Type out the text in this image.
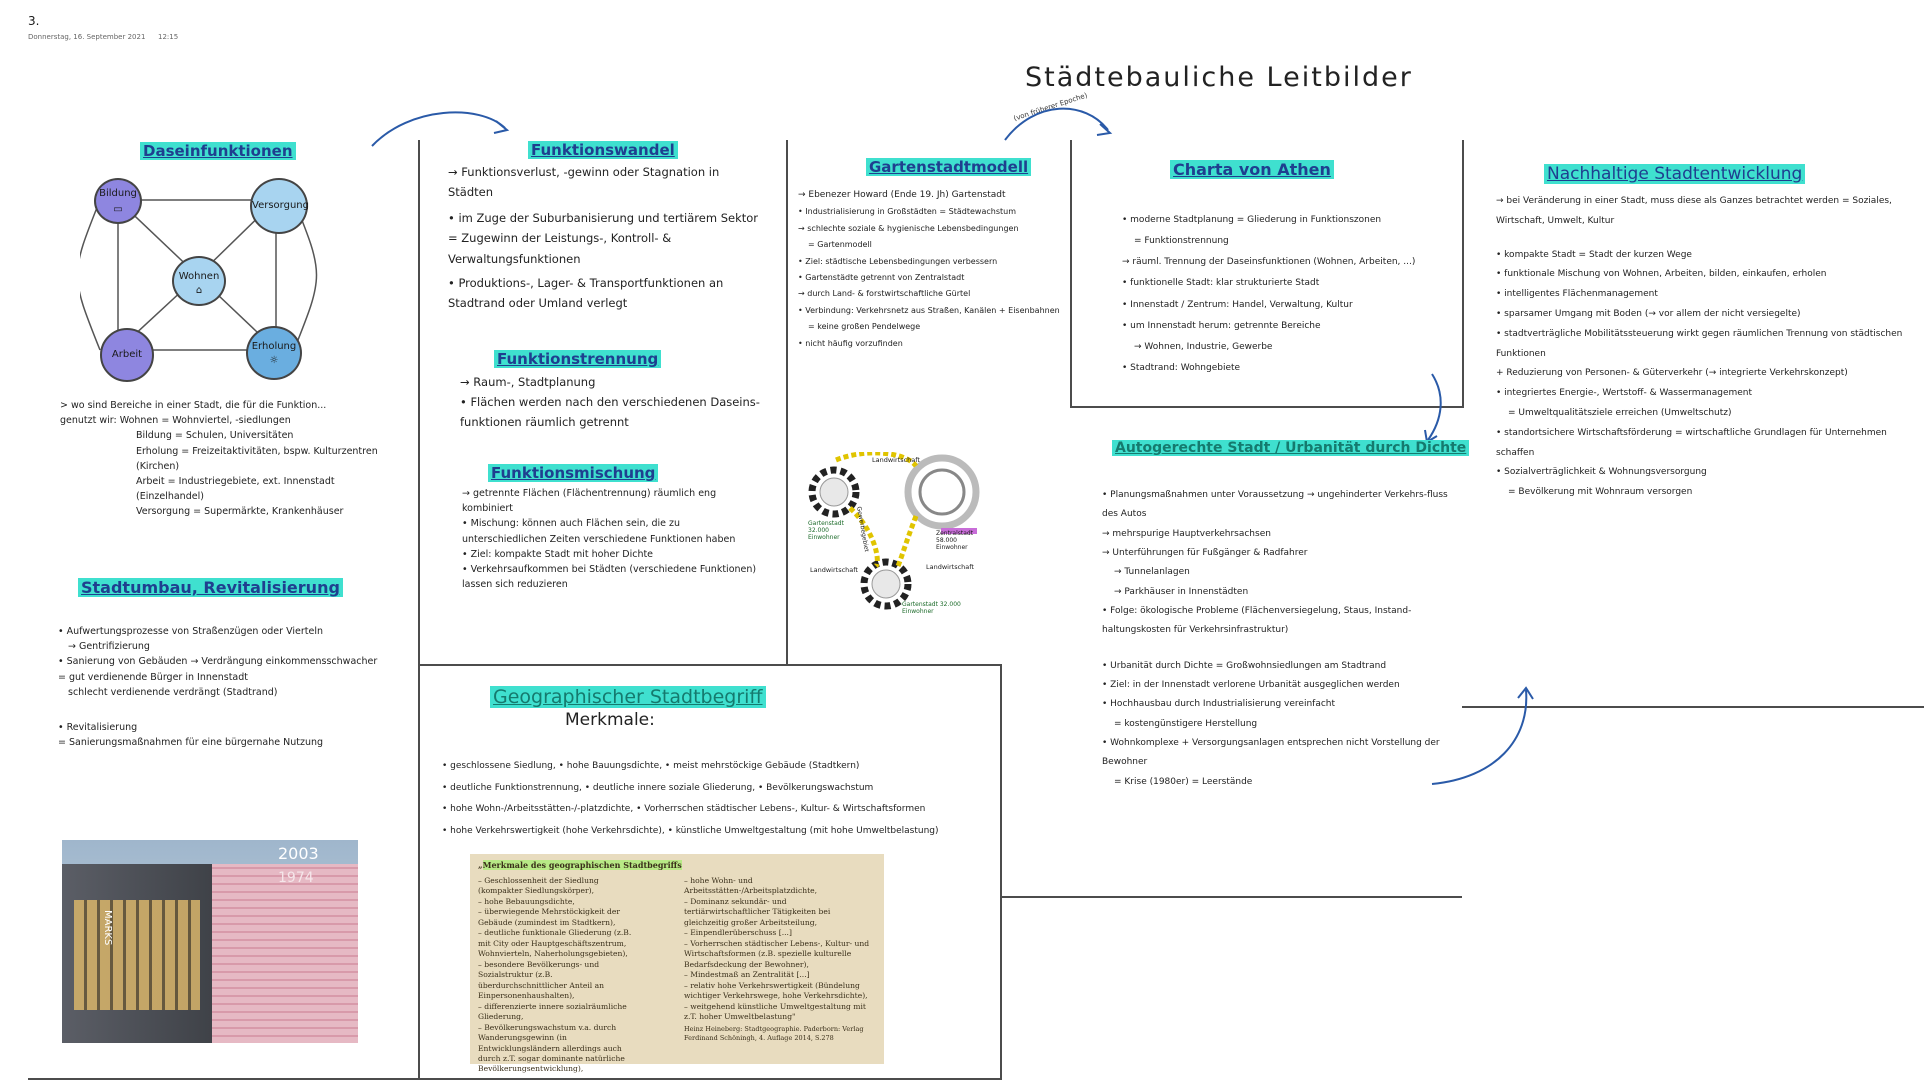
3.
Donnerstag, 16. September 2021 12:15
Städtebauliche Leitbilder
(von früherer Epoche)
Daseinfunktionen
Bildung
▭	Versorgung
Wohnen
⌂
Arbeit
Erholung
☼

> wo sind Bereiche in einer Stadt, die für die Funktion...

genutzt wir: Wohnen = Wohnviertel, -siedlungen

Bildung = Schulen, Universitäten

Erholung = Freizeitaktivitäten, bspw. Kulturzentren (Kirchen)

Arbeit = Industriegebiete, ext. Innenstadt (Einzelhandel)

Versorgung = Supermärkte, Krankenhäuser

Stadtumbau, Revitalisierung

• Aufwertungsprozesse von Straßenzügen oder Vierteln

→ Gentrifizierung

• Sanierung von Gebäuden → Verdrängung einkommensschwacher

= gut verdienende Bürger in Innenstadt

schlecht verdienende verdrängt (Stadtrand)

• Revitalisierung

= Sanierungsmaßnahmen für eine bürgernahe Nutzung

MARKS
2003
1974
Funktionswandel

→ Funktionsverlust, -gewinn oder Stagnation in Städten

• im Zuge der Suburbanisierung und tertiärem Sektor = Zugewinn der Leistungs-, Kontroll- & Verwaltungsfunktionen

• Produktions-, Lager- & Transportfunktionen an Stadtrand oder Umland verlegt

Funktionstrennung

→ Raum-, Stadtplanung

• Flächen werden nach den verschiedenen Daseins-funktionen räumlich getrennt

Funktionsmischung

→ getrennte Flächen (Flächentrennung) räumlich eng kombiniert

• Mischung: können auch Flächen sein, die zu unterschiedlichen Zeiten verschiedene Funktionen haben

• Ziel: kompakte Stadt mit hoher Dichte

• Verkehrsaufkommen bei Städten (verschiedene Funktionen) lassen sich reduzieren

Gartenstadtmodell

→ Ebenezer Howard (Ende 19. Jh) Gartenstadt

• Industrialisierung in Großstädten = Städtewachstum

→ schlechte soziale & hygienische Lebensbedingungen

= Gartenmodell

• Ziel: städtische Lebensbedingungen verbessern

• Gartenstädte getrennt von Zentralstadt

→ durch Land- & forstwirtschaftliche Gürtel

• Verbindung: Verkehrsnetz aus Straßen, Kanälen + Eisenbahnen

= keine großen Pendelwege

• nicht häufig vorzufinden

Landwirtschaft
Gartenstadt 32.000 Einwohner	Gewerbegebiet	Zentralstadt 58.000 Einwohner
Landwirtschaft	Landwirtschaft
Gartenstadt 32.000 Einwohner
Charta von Athen

• moderne Stadtplanung = Gliederung in Funktionszonen

= Funktionstrennung

→ räuml. Trennung der Daseinsfunktionen (Wohnen, Arbeiten, ...)

• funktionelle Stadt: klar strukturierte Stadt

• Innenstadt / Zentrum: Handel, Verwaltung, Kultur

• um Innenstadt herum: getrennte Bereiche

→ Wohnen, Industrie, Gewerbe

• Stadtrand: Wohngebiete

Autogerechte Stadt / Urbanität durch Dichte

• Planungsmaßnahmen unter Voraussetzung → ungehinderter Verkehrs-fluss des Autos

→ mehrspurige Hauptverkehrsachsen

→ Unterführungen für Fußgänger & Radfahrer

→ Tunnelanlagen

→ Parkhäuser in Innenstädten

• Folge: ökologische Probleme (Flächenversiegelung, Staus, Instand-haltungskosten für Verkehrsinfrastruktur)

• Urbanität durch Dichte = Großwohnsiedlungen am Stadtrand

• Ziel: in der Innenstadt verlorene Urbanität ausgeglichen werden

• Hochhausbau durch Industrialisierung vereinfacht

= kostengünstigere Herstellung

• Wohnkomplexe + Versorgungsanlagen entsprechen nicht Vorstellung der Bewohner

= Krise (1980er) = Leerstände

Nachhaltige Stadtentwicklung

→ bei Veränderung in einer Stadt, muss diese als Ganzes betrachtet werden = Soziales, Wirtschaft, Umwelt, Kultur

• kompakte Stadt = Stadt der kurzen Wege

• funktionale Mischung von Wohnen, Arbeiten, bilden, einkaufen, erholen

• intelligentes Flächenmanagement

• sparsamer Umgang mit Boden (→ vor allem der nicht versiegelte)

• stadtverträgliche Mobilitätssteuerung wirkt gegen räumlichen Trennung von städtischen Funktionen

+ Reduzierung von Personen- & Güterverkehr (→ integrierte Verkehrskonzept)

• integriertes Energie-, Wertstoff- & Wassermanagement

= Umweltqualitätsziele erreichen (Umweltschutz)

• standortsichere Wirtschaftsförderung = wirtschaftliche Grundlagen für Unternehmen schaffen

• Sozialverträglichkeit & Wohnungsversorgung

= Bevölkerung mit Wohnraum versorgen

Geographischer Stadtbegriff
Merkmale:

• geschlossene Siedlung, • hohe Bauungsdichte, • meist mehrstöckige Gebäude (Stadtkern)

• deutliche Funktionstrennung, • deutliche innere soziale Gliederung, • Bevölkerungswachstum

• hohe Wohn-/Arbeitsstätten-/-platzdichte, • Vorherrschen städtischer Lebens-, Kultur- & Wirtschaftsformen

• hohe Verkehrswertigkeit (hohe Verkehrsdichte), • künstliche Umweltgestaltung (mit hohe Umweltbelastung)

„Merkmale des geographischen Stadtbegriffs
– Geschlossenheit der Siedlung (kompakter Siedlungskörper),
– hohe Bebauungsdichte,
– überwiegende Mehrstöckigkeit der Gebäude (zumindest im Stadtkern),
– deutliche funktionale Gliederung (z.B. mit City oder Hauptgeschäftszentrum, Wohnvierteln, Naherholungsgebieten),
– besondere Bevölkerungs- und Sozialstruktur (z.B. überdurchschnittlicher Anteil an Einpersonenhaushalten),
– differenzierte innere sozialräumliche Gliederung,
– Bevölkerungswachstum v.a. durch Wanderungsgewinn (in Entwicklungsländern allerdings auch durch z.T. sogar dominante natürliche Bevölkerungsentwicklung),
– hohe Wohn- und Arbeitsstätten-/Arbeitsplatzdichte,
– Dominanz sekundär- und tertiärwirtschaftlicher Tätigkeiten bei gleichzeitig großer Arbeitsteilung,
– Einpendlerüberschuss [...]
– Vorherrschen städtischer Lebens-, Kultur- und Wirtschaftsformen (z.B. spezielle kulturelle Bedarfsdeckung der Bewohner),
– Mindestmaß an Zentralität [...]
– relativ hohe Verkehrswertigkeit (Bündelung wichtiger Verkehrswege, hohe Verkehrsdichte),
– weitgehend künstliche Umweltgestaltung mit z.T. hoher Umweltbelastung"
Heinz Heineberg: Stadtgeographie. Paderborn: Verlag Ferdinand Schöningh, 4. Auflage 2014, S.278
